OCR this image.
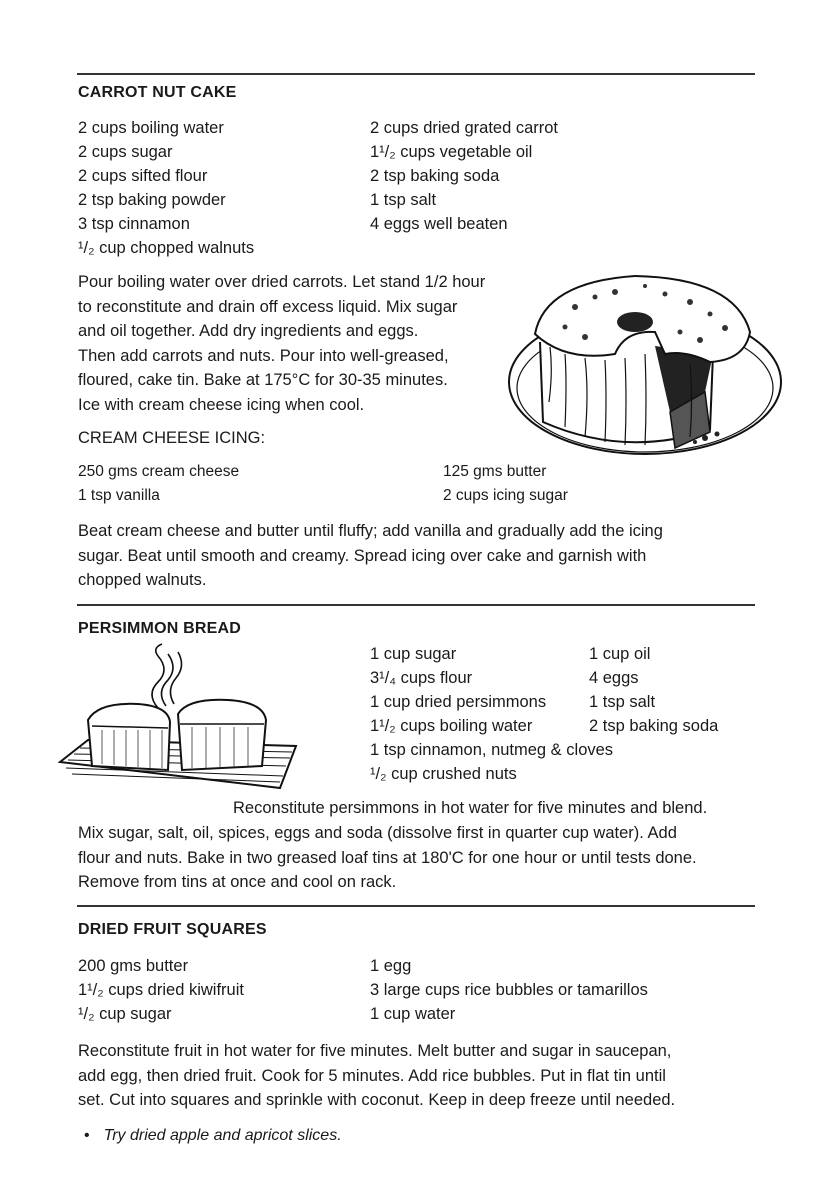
CARROT NUT CAKE
2 cups boiling water
2 cups sugar
2 cups sifted flour
2 tsp baking powder
3 tsp cinnamon
¹/₂ cup chopped walnuts
2 cups dried grated carrot
1¹/₂ cups vegetable oil
2 tsp baking soda
1 tsp salt
4 eggs well beaten
Pour boiling water over dried carrots. Let stand 1/2 hour
to reconstitute and drain off excess liquid. Mix sugar
and oil together. Add dry ingredients and eggs.
Then add carrots and nuts. Pour into well-greased,
floured, cake tin. Bake at 175°C for 30-35 minutes.
Ice with cream cheese icing when cool.
CREAM CHEESE ICING:
250 gms cream cheese
1 tsp vanilla
125 gms butter
2 cups icing sugar
Beat cream cheese and butter until fluffy; add vanilla and gradually add the icing
sugar. Beat until smooth and creamy. Spread icing over cake and garnish with
chopped walnuts.
PERSIMMON BREAD
1 cup sugar
3¹/₄ cups flour
1 cup dried persimmons
1¹/₂ cups boiling water
1 tsp cinnamon, nutmeg & cloves
¹/₂ cup crushed nuts
1 cup oil
4 eggs
1 tsp salt
2 tsp baking soda
Reconstitute persimmons in hot water for five minutes and blend.
Mix sugar, salt, oil, spices, eggs and soda (dissolve first in quarter cup water). Add
flour and nuts. Bake in two greased loaf tins at 180'C for one hour or until tests done.
Remove from tins at once and cool on rack.
DRIED FRUIT SQUARES
200 gms butter
1¹/₂ cups dried kiwifruit
¹/₂ cup sugar
1 egg
3 large cups rice bubbles or tamarillos
1 cup water
Reconstitute fruit in hot water for five minutes. Melt butter and sugar in saucepan,
add egg, then dried fruit. Cook for 5 minutes. Add rice bubbles. Put in flat tin until
set. Cut into squares and sprinkle with coconut. Keep in deep freeze until needed.
• Try dried apple and apricot slices.
